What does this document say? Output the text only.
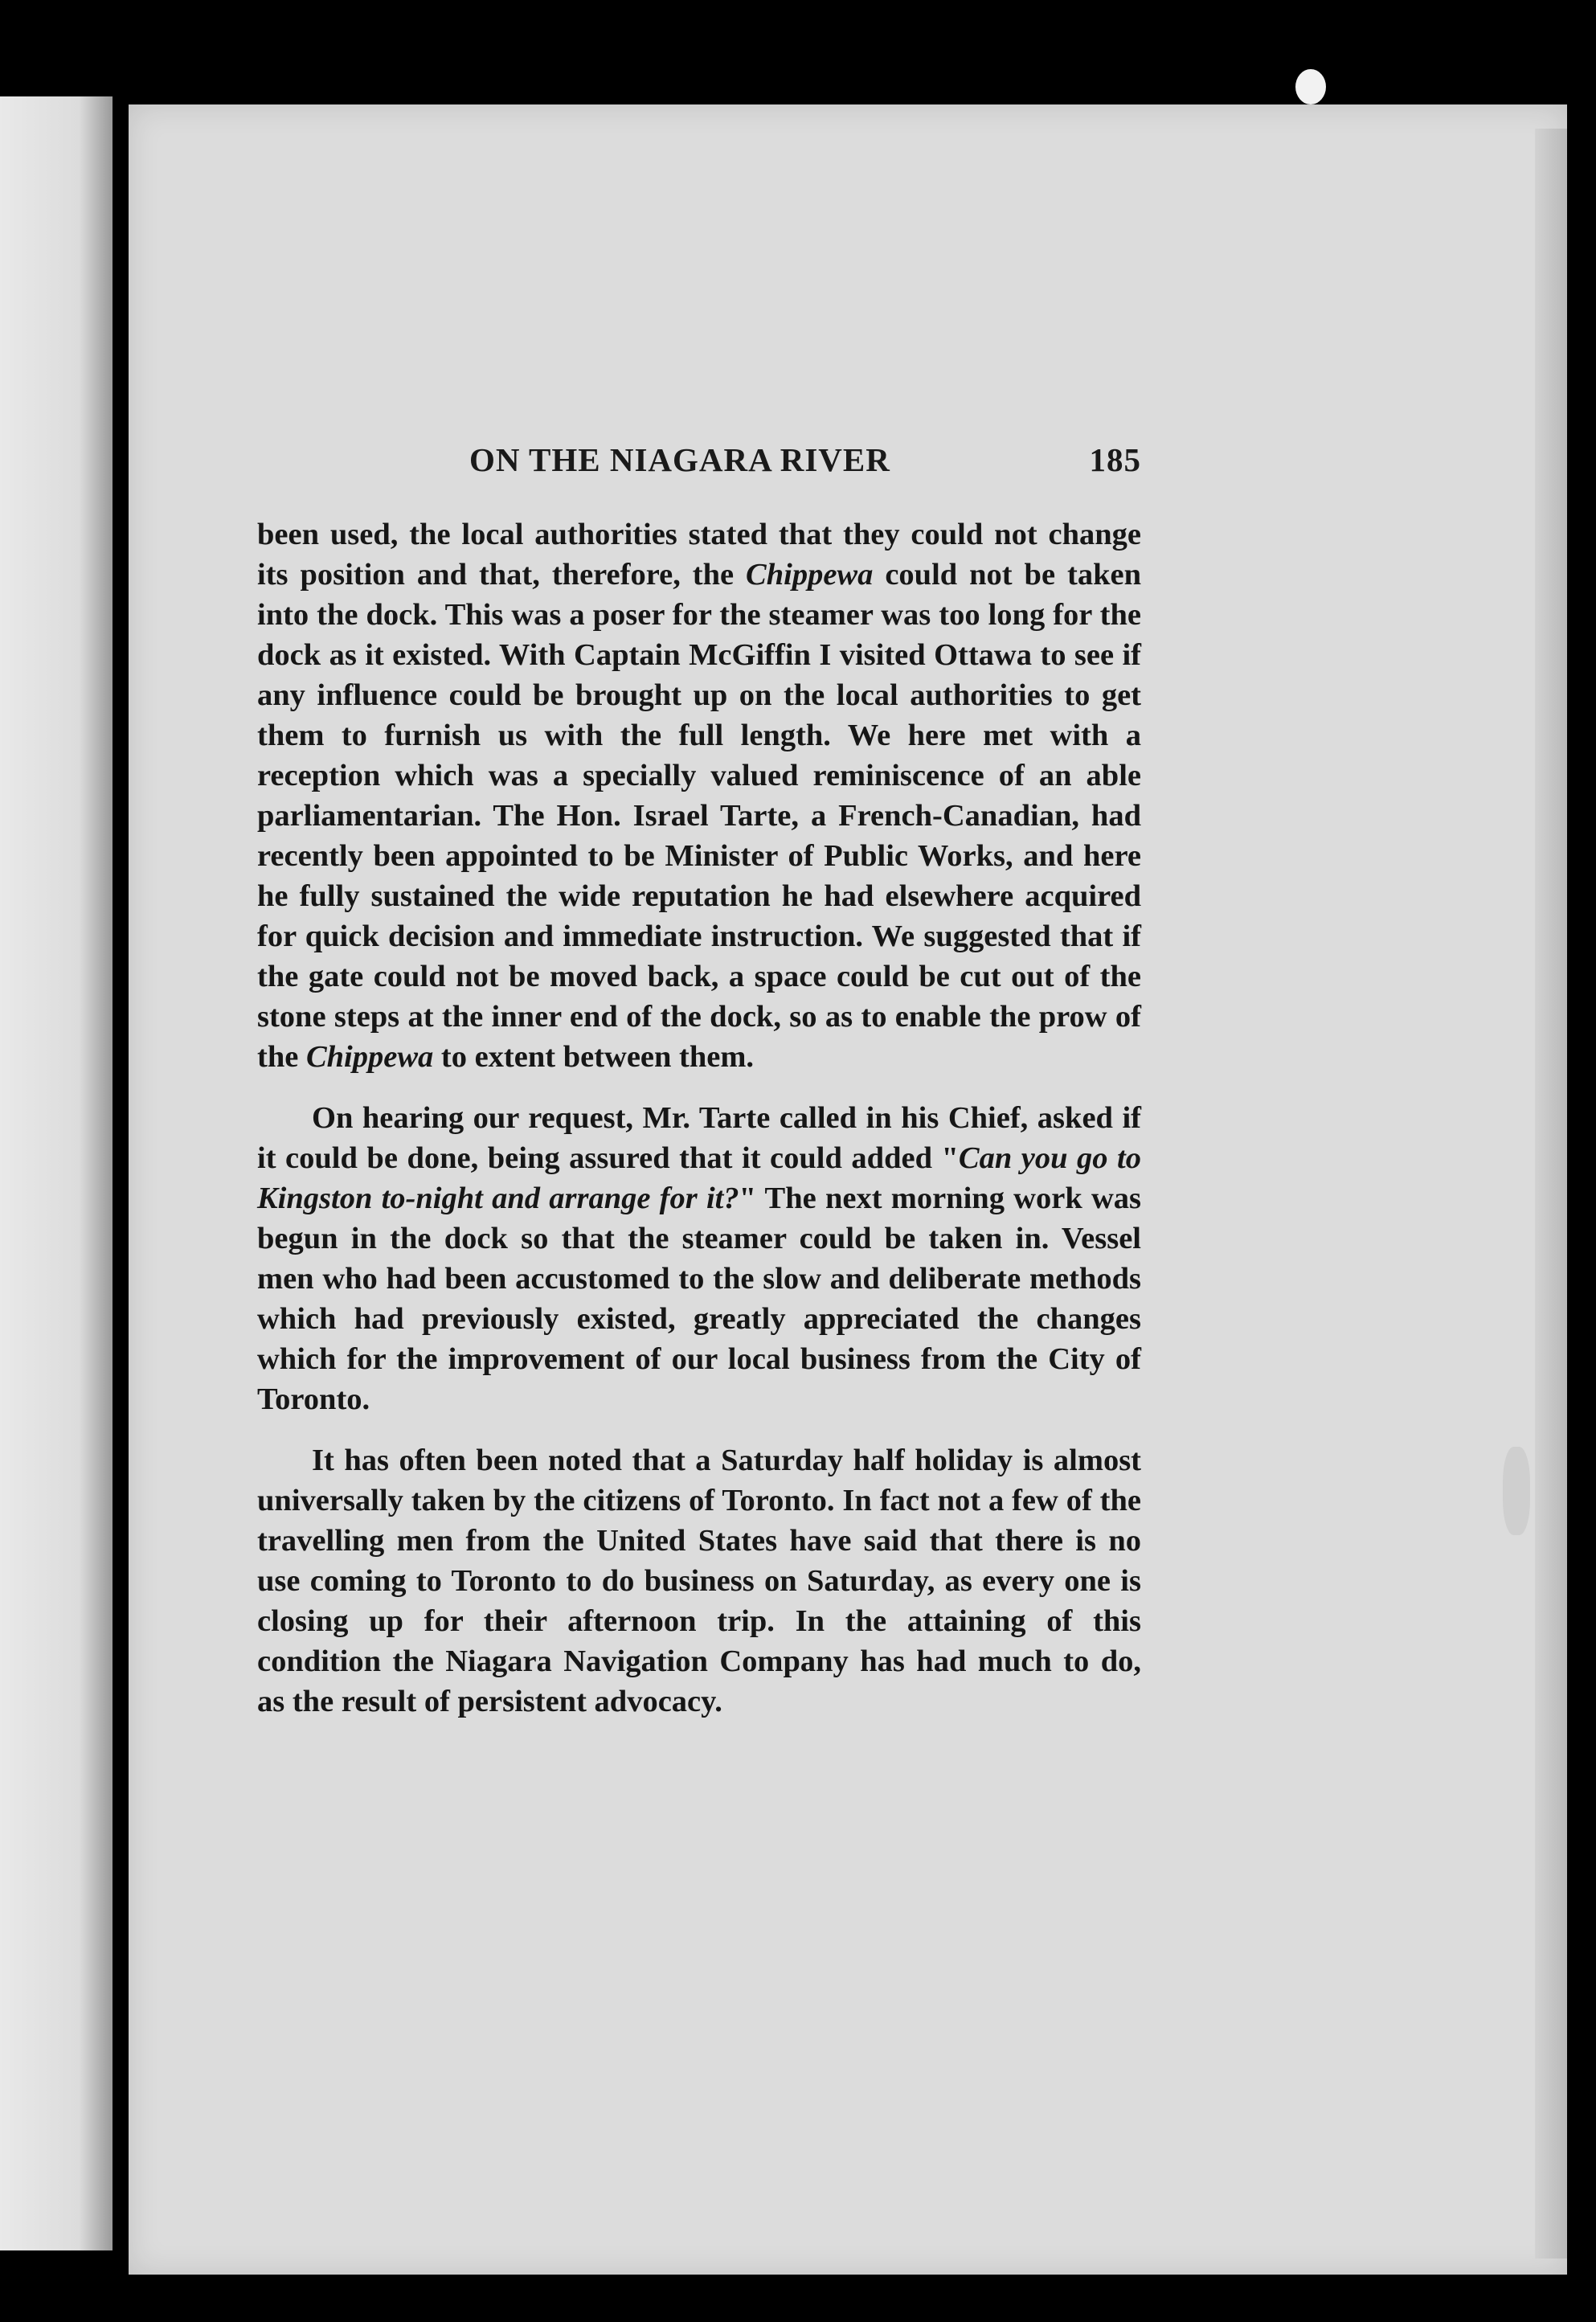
ON THE NIAGARA RIVER	185

been used, the local authorities stated that they could not change its position and that, therefore, the Chippewa could not be taken into the dock. This was a poser for the steamer was too long for the dock as it existed. With Captain McGiffin I visited Ottawa to see if any influence could be brought up on the local authorities to get them to furnish us with the full length. We here met with a reception which was a specially valued reminiscence of an able parliamentarian. The Hon. Israel Tarte, a French-Canadian, had recently been appointed to be Minister of Public Works, and here he fully sustained the wide reputation he had elsewhere acquired for quick decision and immediate instruction. We suggested that if the gate could not be moved back, a space could be cut out of the stone steps at the inner end of the dock, so as to enable the prow of the Chippewa to extent between them.

On hearing our request, Mr. Tarte called in his Chief, asked if it could be done, being assured that it could added "Can you go to Kingston to-night and arrange for it?" The next morning work was begun in the dock so that the steamer could be taken in. Vessel men who had been accustomed to the slow and deliberate methods which had previously existed, greatly appreciated the changes which for the improvement of our local business from the City of Toronto.

It has often been noted that a Saturday half holiday is almost universally taken by the citizens of Toronto. In fact not a few of the travelling men from the United States have said that there is no use coming to Toronto to do business on Saturday, as every one is closing up for their afternoon trip. In the attaining of this condition the Niagara Navigation Company has had much to do, as the result of persistent advocacy.
